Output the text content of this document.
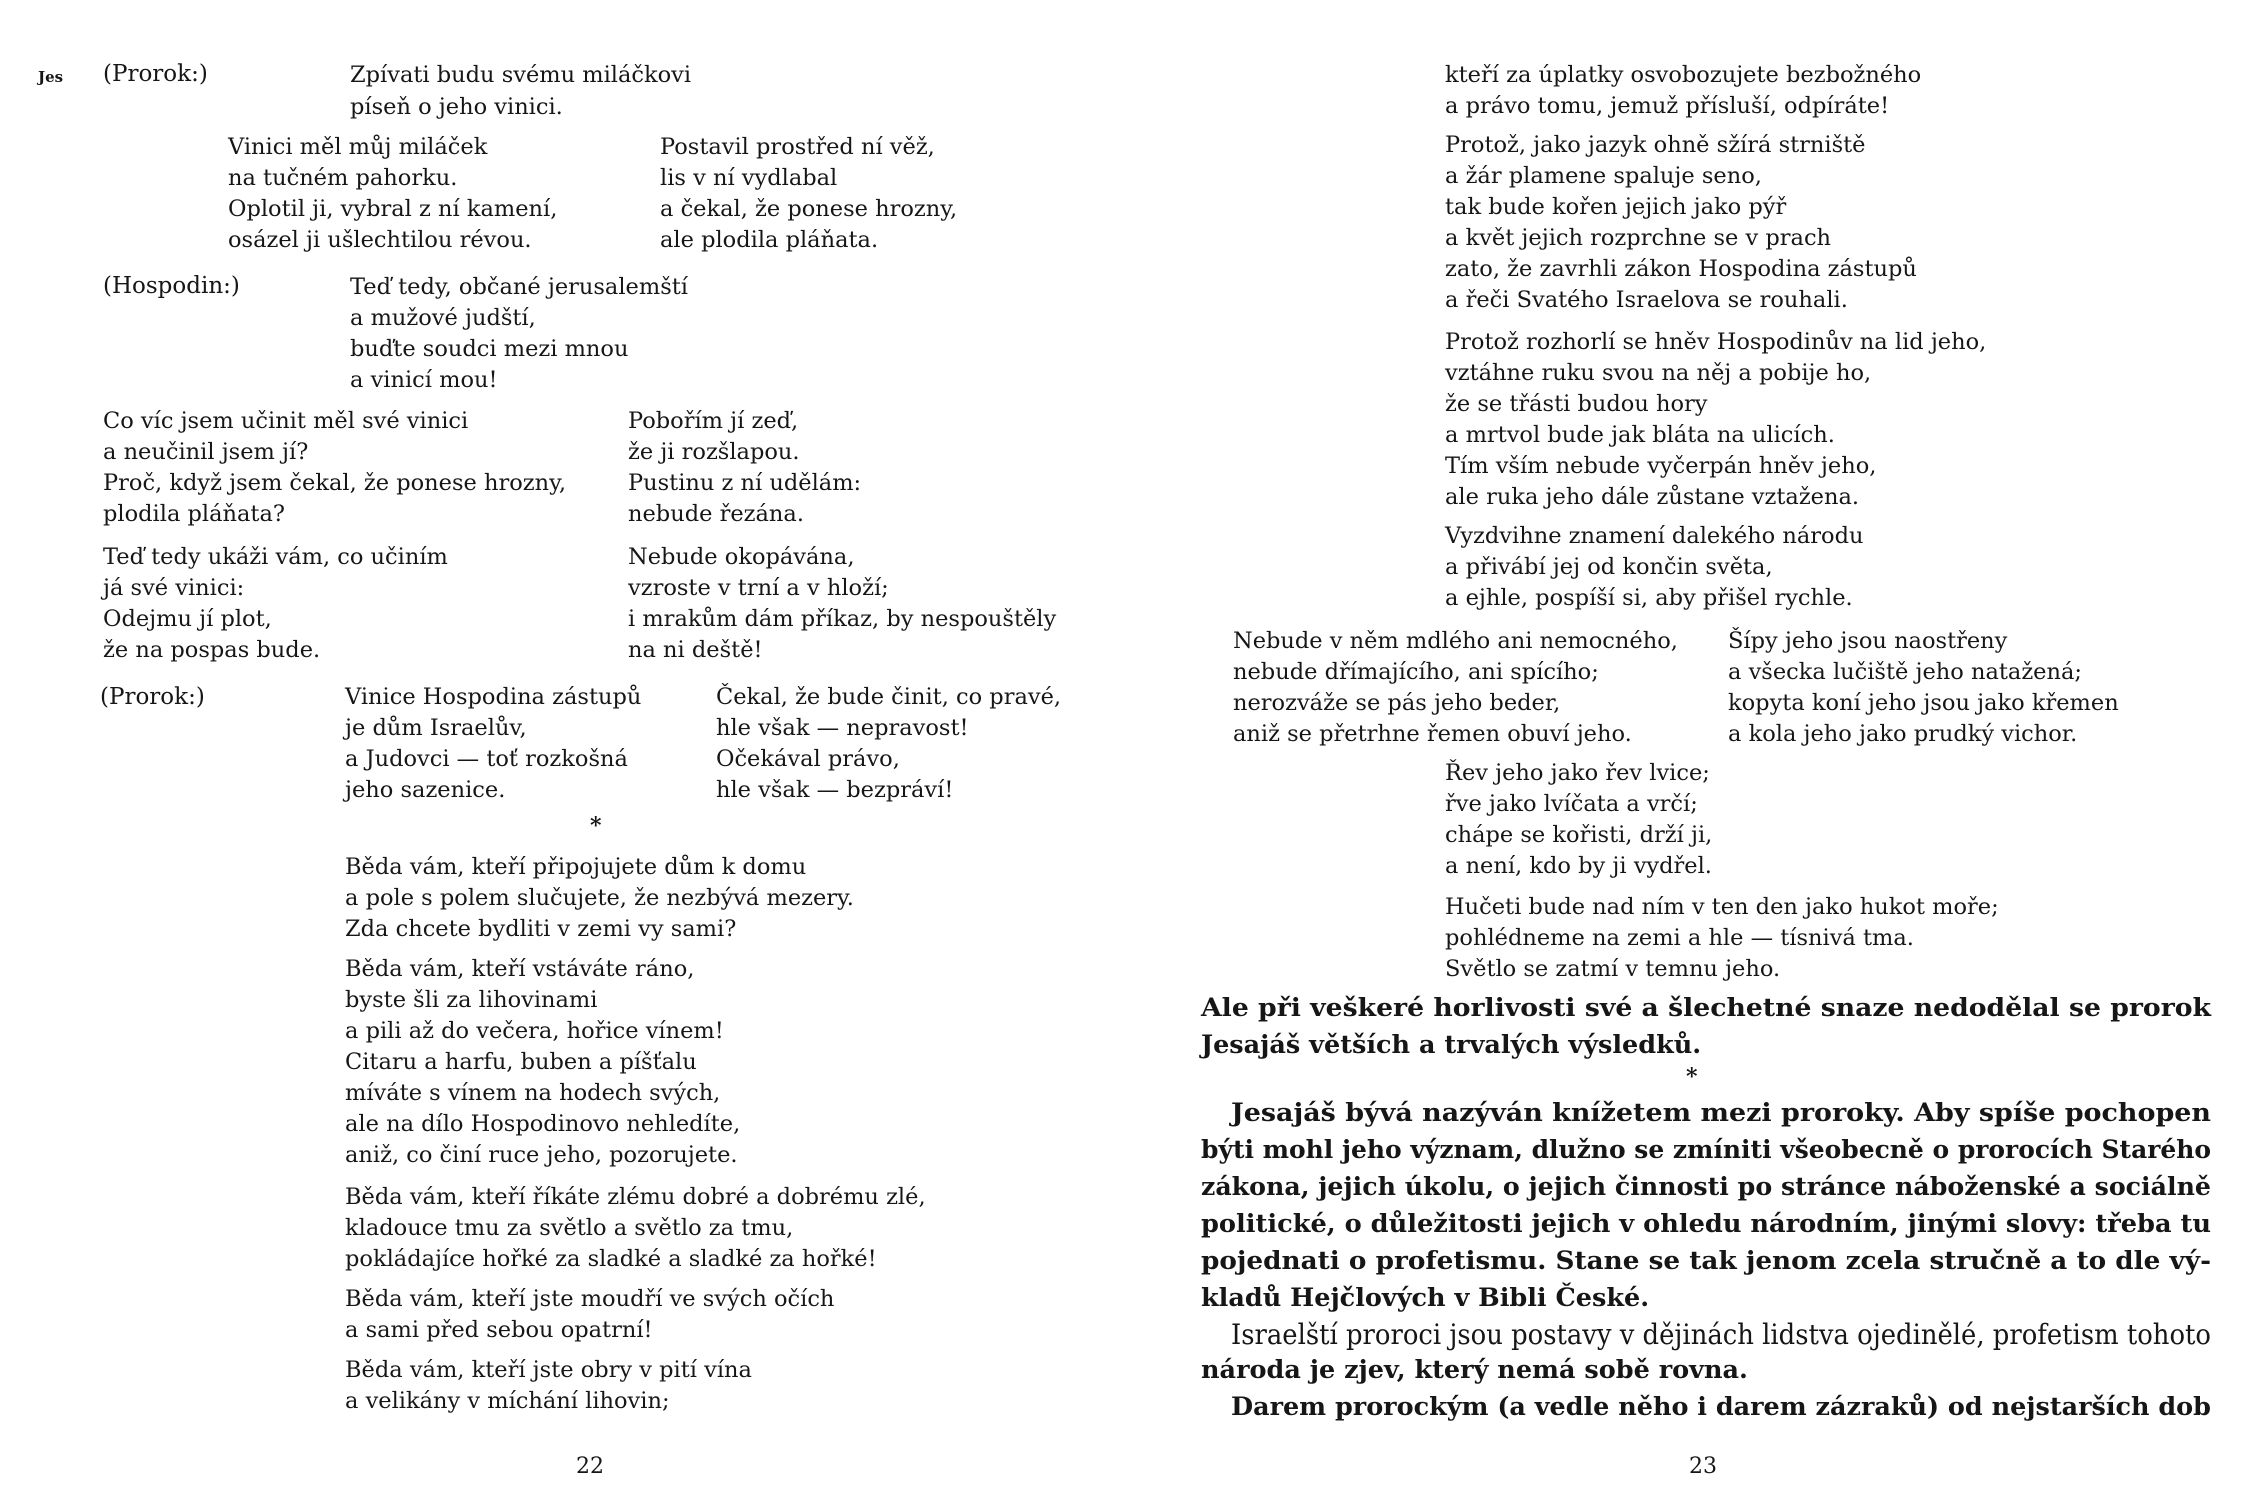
Jes (Prorok:)	Zpívati budu svému miláčkovi
píseň o jeho vinici.
Vinici měl můj miláček
na tučném pahorku.
Oplotil ji, vybral z ní kamení,
osázel ji ušlechtilou révou.
Postavil prostřed ní věž,
lis v ní vydlabal
a čekal, že ponese hrozny,
ale plodila pláňata.
(Hospodin:)	Teď tedy, občané jerusalemští
a mužové judští,
buďte soudci mezi mnou
a vinicí mou!
Co víc jsem učinit měl své vinici
a neučinil jsem jí?
Proč, když jsem čekal, že ponese hrozny,
plodila pláňata?
Pobořím jí zeď,
že ji rozšlapou.
Pustinu z ní udělám:
nebude řezána.
Teď tedy ukáži vám, co učiním
já své vinici:
Odejmu jí plot,
že na pospas bude.
Nebude okopávána,
vzroste v trní a v hloží;
i mrakům dám příkaz, by nespouštěly
na ni deště!
(Prorok:)	Vinice Hospodina zástupů
je dům Israelův,
a Judovci — toť rozkošná
jeho sazenice.
Čekal, že bude činit, co pravé,
hle však — nepravost!
Očekával právo,
hle však — bezpráví!
*
Běda vám, kteří připojujete dům k domu
a pole s polem slučujete, že nezbývá mezery.
Zda chcete bydliti v zemi vy sami?
Běda vám, kteří vstáváte ráno,
byste šli za lihovinami
a pili až do večera, hořice vínem!
Citaru a harfu, buben a píšťalu
míváte s vínem na hodech svých,
ale na dílo Hospodinovo nehledíte,
aniž, co činí ruce jeho, pozorujete.
Běda vám, kteří říkáte zlému dobré a dobrému zlé,
kladouce tmu za světlo a světlo za tmu,
pokládajíce hořké za sladké a sladké za hořké!
Běda vám, kteří jste moudří ve svých očích
a sami před sebou opatrní!
Běda vám, kteří jste obry v pití vína
a velikány v míchání lihovin;
22
kteří za úplatky osvobozujete bezbožného
a právo tomu, jemuž přísluší, odpíráte!
Protož, jako jazyk ohně sžírá strniště
a žár plamene spaluje seno,
tak bude kořen jejich jako pýř
a květ jejich rozprchne se v prach
zato, že zavrhli zákon Hospodina zástupů
a řeči Svatého Israelova se rouhali.
Protož rozhorlí se hněv Hospodinův na lid jeho,
vztáhne ruku svou na něj a pobije ho,
že se třásti budou hory
a mrtvol bude jak bláta na ulicích.
Tím vším nebude vyčerpán hněv jeho,
ale ruka jeho dále zůstane vztažena.
Vyzdvihne znamení dalekého národu
a přivábí jej od končin světa,
a ejhle, pospíší si, aby přišel rychle.
Nebude v něm mdlého ani nemocného,
nebude dřímajícího, ani spícího;
nerozváže se pás jeho beder,
aniž se přetrhne řemen obuví jeho.
Šípy jeho jsou naostřeny
a všecka lučiště jeho natažená;
kopyta koní jeho jsou jako křemen
a kola jeho jako prudký vichor.
Řev jeho jako řev lvice;
řve jako lvíčata a vrčí;
chápe se kořisti, drží ji,
a není, kdo by ji vydřel.
Hučeti bude nad ním v ten den jako hukot moře;
pohlédneme na zemi a hle — tísnivá tma.
Světlo se zatmí v temnu jeho.
Ale při veškeré horlivosti své a šlechetné snaze nedodělal se prorok
Jesajáš větších a trvalých výsledků.
*
Jesajáš bývá nazýván knížetem mezi proroky. Aby spíše pochopen
býti mohl jeho význam, dlužno se zmíniti všeobecně o prorocích Starého
zákona, jejich úkolu, o jejich činnosti po stránce náboženské a sociálně
politické, o důležitosti jejich v ohledu národním, jinými slovy: třeba tu
pojednati o profetismu. Stane se tak jenom zcela stručně a to dle vý-
kladů Hejčlových v Bibli České.
Israelští proroci jsou postavy v dějinách lidstva ojedinělé, profetism tohoto
národa je zjev, který nemá sobě rovna.
Darem prorockým (a vedle něho i darem zázraků) od nejstarších dob
23
